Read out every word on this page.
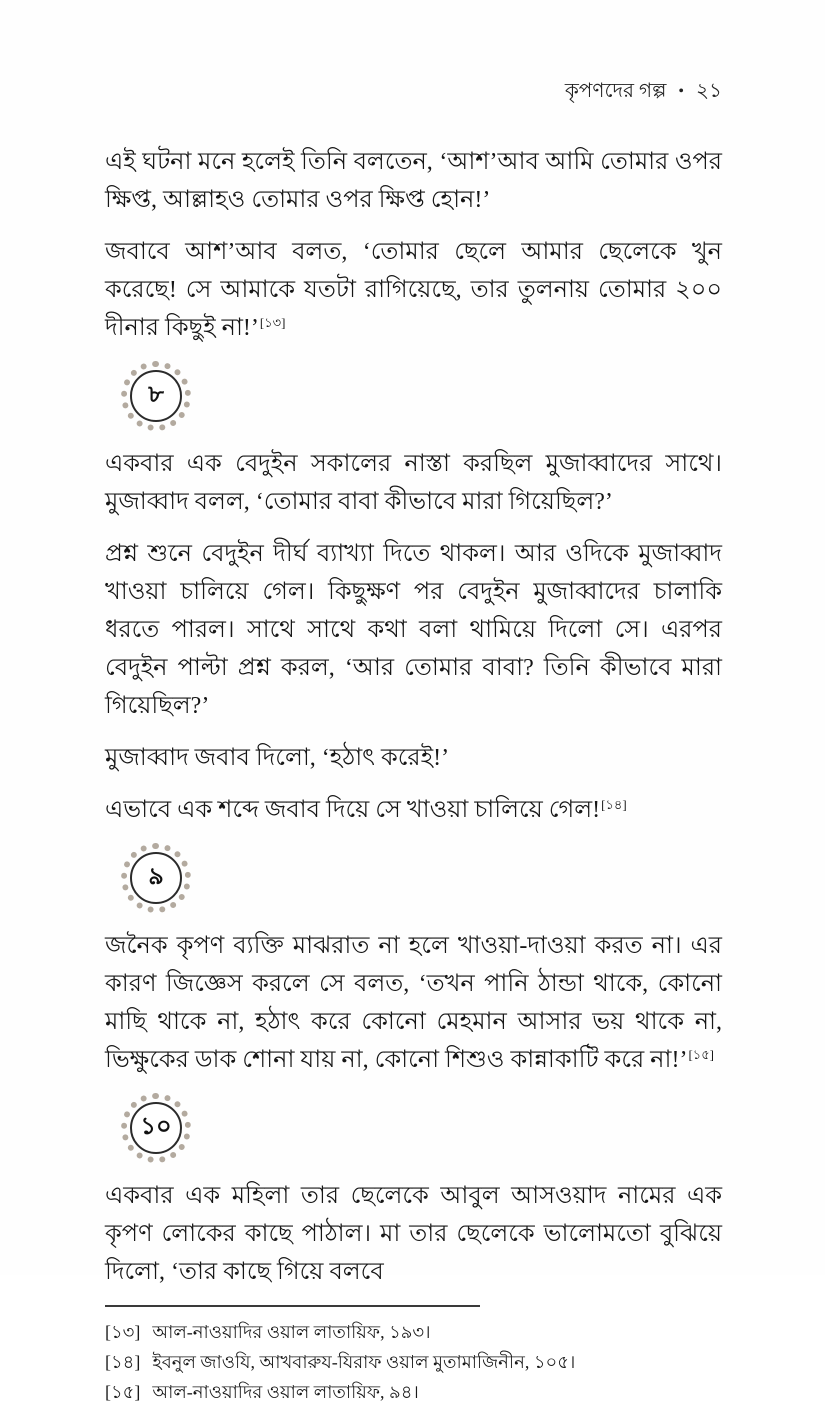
কৃপণদের গল্প • ২১

এই ঘটনা মনে হলেই তিনি বলতেন, ‘আশ’আব আমি তোমার ওপর ক্ষিপ্ত, আল্লাহও তোমার ওপর ক্ষিপ্ত হোন!’

জবাবে আশ’আব বলত, ‘তোমার ছেলে আমার ছেলেকে খুন করেছে! সে আমাকে যতটা রাগিয়েছে, তার তুলনায় তোমার ২০০ দীনার কিছুই না!’[১৩]

৮

একবার এক বেদুইন সকালের নাস্তা করছিল মুজাব্বাদের সাথে। মুজাব্বাদ বলল, ‘তোমার বাবা কীভাবে মারা গিয়েছিল?’

প্রশ্ন শুনে বেদুইন দীর্ঘ ব্যাখ্যা দিতে থাকল। আর ওদিকে মুজাব্বাদ খাওয়া চালিয়ে গেল। কিছুক্ষণ পর বেদুইন মুজাব্বাদের চালাকি ধরতে পারল। সাথে সাথে কথা বলা থামিয়ে দিলো সে। এরপর বেদুইন পাল্টা প্রশ্ন করল, ‘আর তোমার বাবা? তিনি কীভাবে মারা গিয়েছিল?’

মুজাব্বাদ জবাব দিলো, ‘হঠাৎ করেই!’

এভাবে এক শব্দে জবাব দিয়ে সে খাওয়া চালিয়ে গেল![১৪]

৯

জনৈক কৃপণ ব্যক্তি মাঝরাত না হলে খাওয়া-দাওয়া করত না। এর কারণ জিজ্ঞেস করলে সে বলত, ‘তখন পানি ঠান্ডা থাকে, কোনো মাছি থাকে না, হঠাৎ করে কোনো মেহমান আসার ভয় থাকে না, ভিক্ষুকের ডাক শোনা যায় না, কোনো শিশুও কান্নাকাটি করে না!’[১৫]

১০

একবার এক মহিলা তার ছেলেকে আবুল আসওয়াদ নামের এক কৃপণ লোকের কাছে পাঠাল। মা তার ছেলেকে ভালোমতো বুঝিয়ে দিলো, ‘তার কাছে গিয়ে বলবে

[১৩] আল-নাওয়াদির ওয়াল লাতায়িফ, ১৯৩।
[১৪] ইবনুল জাওযি, আখবারুয-যিরাফ ওয়াল মুতামাজিনীন, ১০৫।
[১৫] আল-নাওয়াদির ওয়াল লাতায়িফ, ৯৪।
